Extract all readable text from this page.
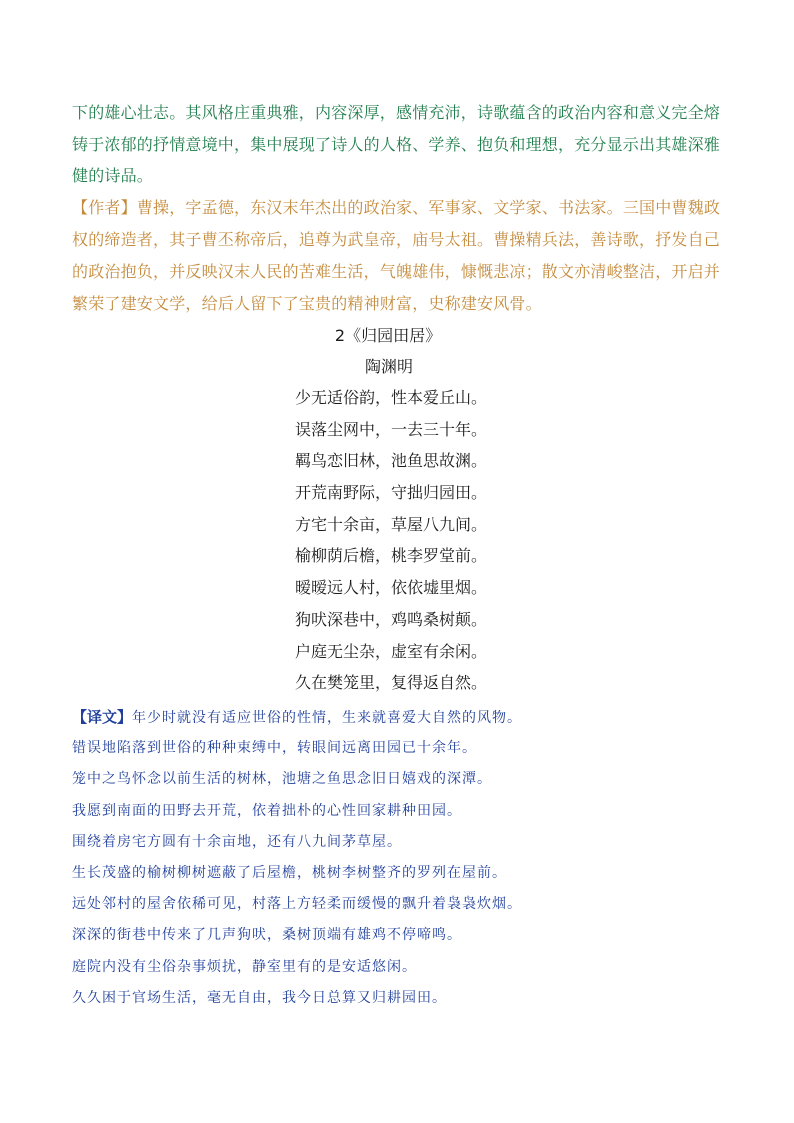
下的雄心壮志。其风格庄重典雅，内容深厚，感情充沛，诗歌蕴含的政治内容和意义完全熔铸于浓郁的抒情意境中，集中展现了诗人的人格、学养、抱负和理想，充分显示出其雄深雅健的诗品。
【作者】曹操，字孟德，东汉末年杰出的政治家、军事家、文学家、书法家。三国中曹魏政权的缔造者，其子曹丕称帝后，追尊为武皇帝，庙号太祖。曹操精兵法，善诗歌，抒发自己的政治抱负，并反映汉末人民的苦难生活，气魄雄伟，慷慨悲凉；散文亦清峻整洁，开启并繁荣了建安文学，给后人留下了宝贵的精神财富，史称建安风骨。
2《归园田居》
陶渊明
少无适俗韵，性本爱丘山。
误落尘网中，一去三十年。
羁鸟恋旧林，池鱼思故渊。
开荒南野际，守拙归园田。
方宅十余亩，草屋八九间。
榆柳荫后檐，桃李罗堂前。
暧暧远人村，依依墟里烟。
狗吠深巷中，鸡鸣桑树颠。
户庭无尘杂，虚室有余闲。
久在樊笼里，复得返自然。
【译文】年少时就没有适应世俗的性情，生来就喜爱大自然的风物。
错误地陷落到世俗的种种束缚中，转眼间远离田园已十余年。
笼中之鸟怀念以前生活的树林，池塘之鱼思念旧日嬉戏的深潭。
我愿到南面的田野去开荒，依着拙朴的心性回家耕种田园。
围绕着房宅方圆有十余亩地，还有八九间茅草屋。
生长茂盛的榆树柳树遮蔽了后屋檐，桃树李树整齐的罗列在屋前。
远处邻村的屋舍依稀可见，村落上方轻柔而缓慢的飘升着袅袅炊烟。
深深的街巷中传来了几声狗吠，桑树顶端有雄鸡不停啼鸣。
庭院内没有尘俗杂事烦扰，静室里有的是安适悠闲。
久久困于官场生活，毫无自由，我今日总算又归耕园田。
